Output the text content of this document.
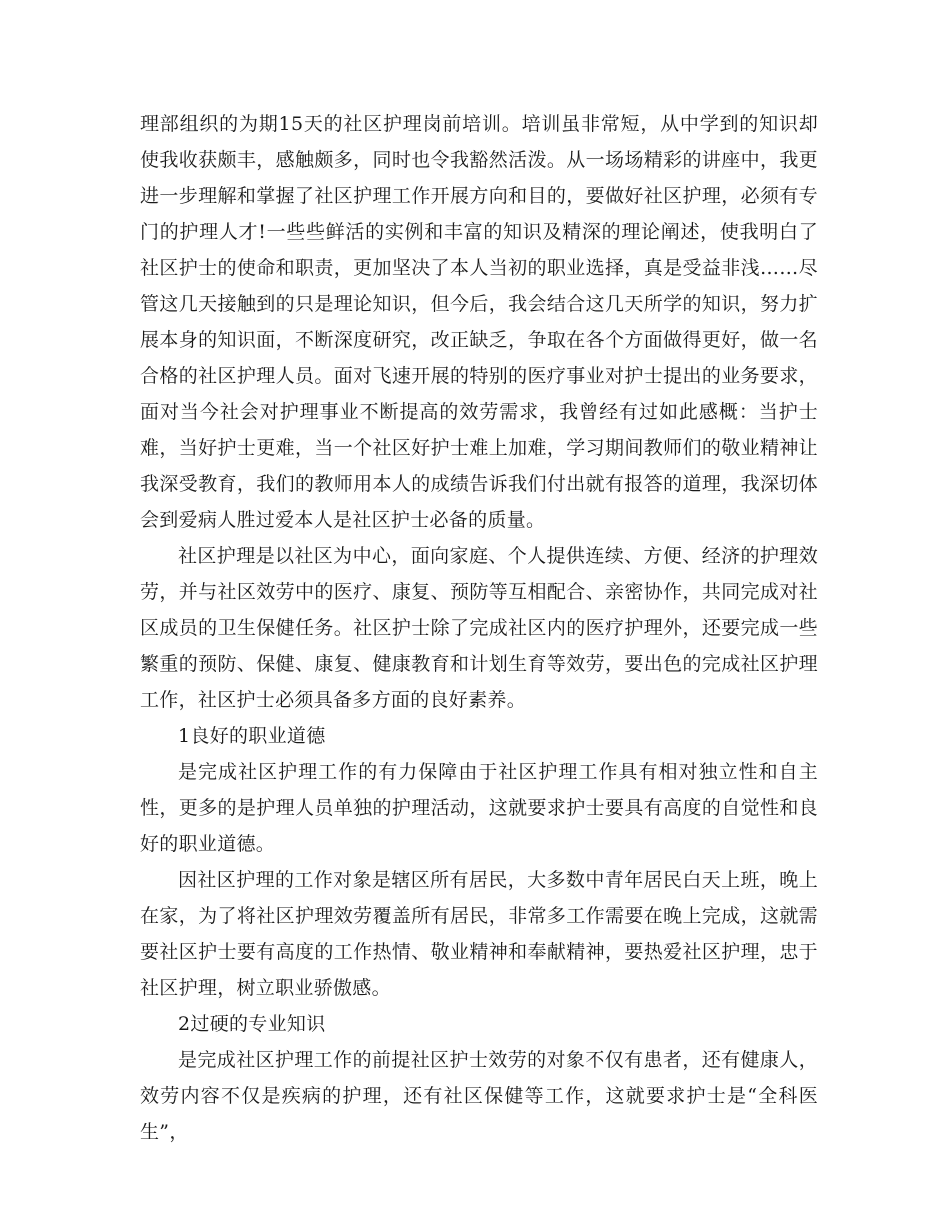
理部组织的为期15天的社区护理岗前培训。培训虽非常短，从中学到的知识却使我收获颇丰，感触颇多，同时也令我豁然活泼。从一场场精彩的讲座中，我更进一步理解和掌握了社区护理工作开展方向和目的，要做好社区护理，必须有专门的护理人才!一些些鲜活的实例和丰富的知识及精深的理论阐述，使我明白了社区护士的使命和职责，更加坚决了本人当初的职业选择，真是受益非浅……尽管这几天接触到的只是理论知识，但今后，我会结合这几天所学的知识，努力扩展本身的知识面，不断深度研究，改正缺乏，争取在各个方面做得更好，做一名合格的社区护理人员。面对飞速开展的特别的医疗事业对护士提出的业务要求，面对当今社会对护理事业不断提高的效劳需求，我曾经有过如此感概：当护士难，当好护士更难，当一个社区好护士难上加难，学习期间教师们的敬业精神让我深受教育，我们的教师用本人的成绩告诉我们付出就有报答的道理，我深切体会到爱病人胜过爱本人是社区护士必备的质量。

社区护理是以社区为中心，面向家庭、个人提供连续、方便、经济的护理效劳，并与社区效劳中的医疗、康复、预防等互相配合、亲密协作，共同完成对社区成员的卫生保健任务。社区护士除了完成社区内的医疗护理外，还要完成一些繁重的预防、保健、康复、健康教育和计划生育等效劳，要出色的完成社区护理工作，社区护士必须具备多方面的良好素养。

1良好的职业道德

是完成社区护理工作的有力保障由于社区护理工作具有相对独立性和自主性，更多的是护理人员单独的护理活动，这就要求护士要具有高度的自觉性和良好的职业道德。

因社区护理的工作对象是辖区所有居民，大多数中青年居民白天上班，晚上在家，为了将社区护理效劳覆盖所有居民，非常多工作需要在晚上完成，这就需要社区护士要有高度的工作热情、敬业精神和奉献精神，要热爱社区护理，忠于社区护理，树立职业骄傲感。

2过硬的专业知识

是完成社区护理工作的前提社区护士效劳的对象不仅有患者，还有健康人，效劳内容不仅是疾病的护理，还有社区保健等工作，这就要求护士是“全科医生”，
